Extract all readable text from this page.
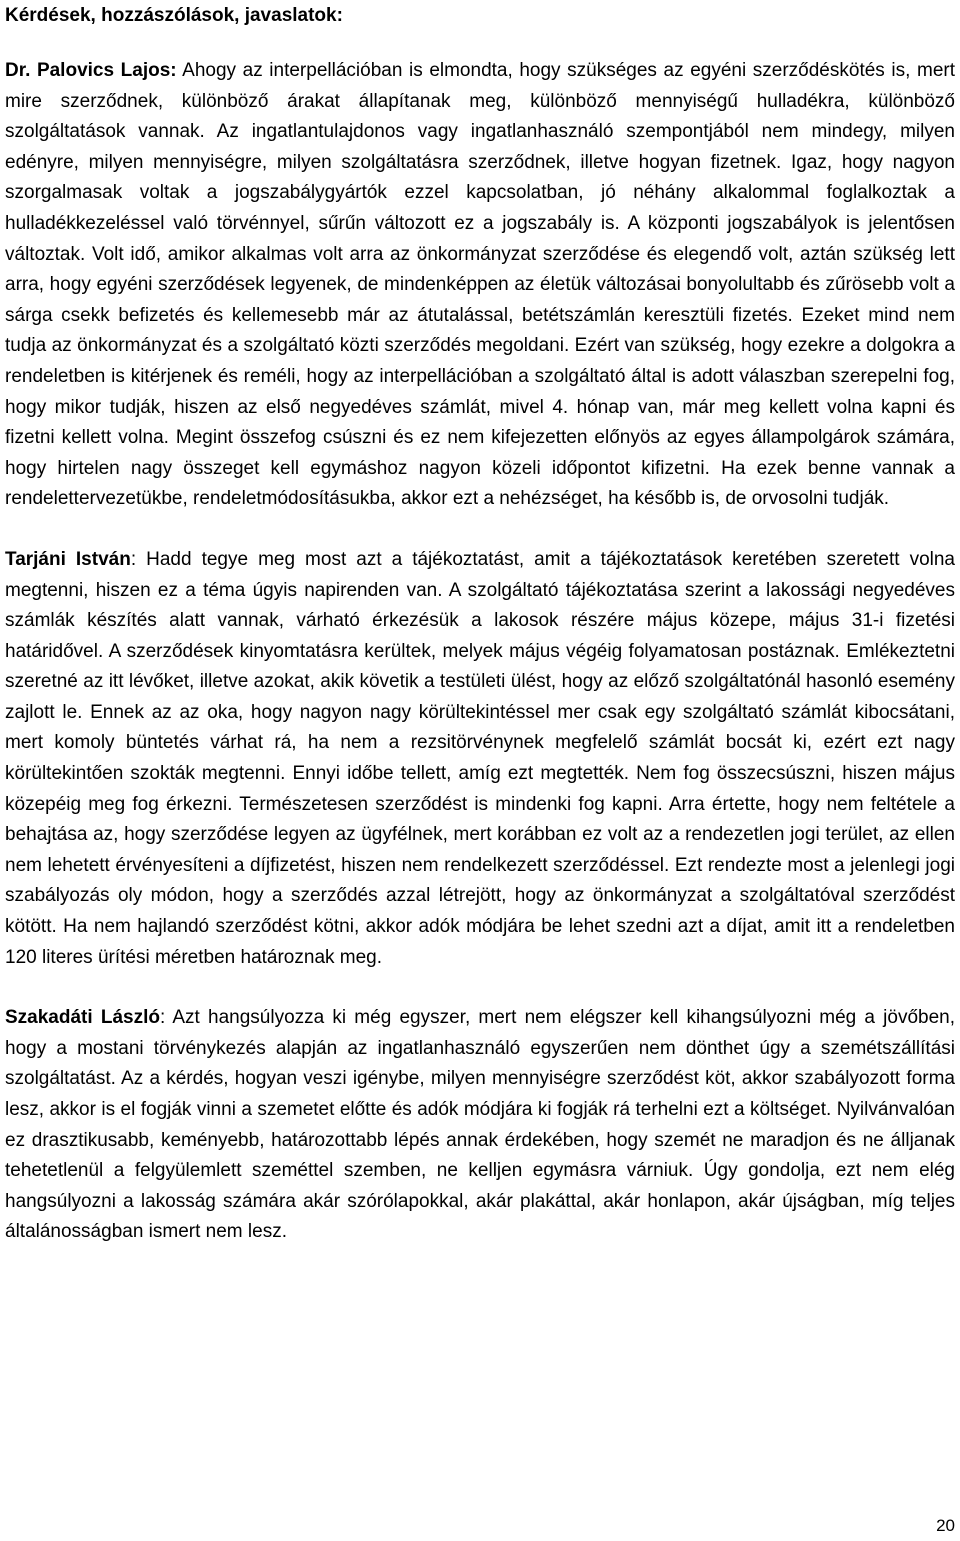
Kérdések, hozzászólások, javaslatok:

Dr. Palovics Lajos: Ahogy az interpellációban is elmondta, hogy szükséges az egyéni szerződéskötés is, mert mire szerződnek, különböző árakat állapítanak meg, különböző mennyiségű hulladékra, különböző szolgáltatások vannak. Az ingatlantulajdonos vagy ingatlanhasználó szempontjából nem mindegy, milyen edényre, milyen mennyiségre, milyen szolgáltatásra szerződnek, illetve hogyan fizetnek. Igaz, hogy nagyon szorgalmasak voltak a jogszabálygyártók ezzel kapcsolatban, jó néhány alkalommal foglalkoztak a hulladékkezeléssel való törvénnyel, sűrűn változott ez a jogszabály is. A központi jogszabályok is jelentősen változtak. Volt idő, amikor alkalmas volt arra az önkormányzat szerződése és elegendő volt, aztán szükség lett arra, hogy egyéni szerződések legyenek, de mindenképpen az életük változásai bonyolultabb és zűrösebb volt a sárga csekk befizetés és kellemesebb már az átutalással, betétszámlán keresztüli fizetés. Ezeket mind nem tudja az önkormányzat és a szolgáltató közti szerződés megoldani. Ezért van szükség, hogy ezekre a dolgokra a rendeletben is kitérjenek és reméli, hogy az interpellációban a szolgáltató által is adott válaszban szerepelni fog, hogy mikor tudják, hiszen az első negyedéves számlát, mivel 4. hónap van, már meg kellett volna kapni és fizetni kellett volna. Megint összefog csúszni és ez nem kifejezetten előnyös az egyes állampolgárok számára, hogy hirtelen nagy összeget kell egymáshoz nagyon közeli időpontot kifizetni. Ha ezek benne vannak a rendelettervezetükbe, rendeletmódosításukba, akkor ezt a nehézséget, ha később is, de orvosolni tudják.

Tarjáni István: Hadd tegye meg most azt a tájékoztatást, amit a tájékoztatások keretében szeretett volna megtenni, hiszen ez a téma úgyis napirenden van. A szolgáltató tájékoztatása szerint a lakossági negyedéves számlák készítés alatt vannak, várható érkezésük a lakosok részére május közepe, május 31-i fizetési határidővel. A szerződések kinyomtatásra kerültek, melyek május végéig folyamatosan postáznak. Emlékeztetni szeretné az itt lévőket, illetve azokat, akik követik a testületi ülést, hogy az előző szolgáltatónál hasonló esemény zajlott le. Ennek az az oka, hogy nagyon nagy körültekintéssel mer csak egy szolgáltató számlát kibocsátani, mert komoly büntetés várhat rá, ha nem a rezsitörvénynek megfelelő számlát bocsát ki, ezért ezt nagy körültekintően szokták megtenni. Ennyi időbe tellett, amíg ezt megtették. Nem fog összecsúszni, hiszen május közepéig meg fog érkezni. Természetesen szerződést is mindenki fog kapni. Arra értette, hogy nem feltétele a behajtása az, hogy szerződése legyen az ügyfélnek, mert korábban ez volt az a rendezetlen jogi terület, az ellen nem lehetett érvényesíteni a díjfizetést, hiszen nem rendelkezett szerződéssel. Ezt rendezte most a jelenlegi jogi szabályozás oly módon, hogy a szerződés azzal létrejött, hogy az önkormányzat a szolgáltatóval szerződést kötött. Ha nem hajlandó szerződést kötni, akkor adók módjára be lehet szedni azt a díjat, amit itt a rendeletben 120 literes ürítési méretben határoznak meg.

Szakadáti László: Azt hangsúlyozza ki még egyszer, mert nem elégszer kell kihangsúlyozni még a jövőben, hogy a mostani törvénykezés alapján az ingatlanhasználó egyszerűen nem dönthet úgy a szemétszállítási szolgáltatást. Az a kérdés, hogyan veszi igénybe, milyen mennyiségre szerződést köt, akkor szabályozott forma lesz, akkor is el fogják vinni a szemetet előtte és adók módjára ki fogják rá terhelni ezt a költséget. Nyilvánvalóan ez drasztikusabb, keményebb, határozottabb lépés annak érdekében, hogy szemét ne maradjon és ne álljanak tehetetlenül a felgyülemlett szeméttel szemben, ne kelljen egymásra várniuk. Úgy gondolja, ezt nem elég hangsúlyozni a lakosság számára akár szórólapokkal, akár plakáttal, akár honlapon, akár újságban, míg teljes általánosságban ismert nem lesz.

20
